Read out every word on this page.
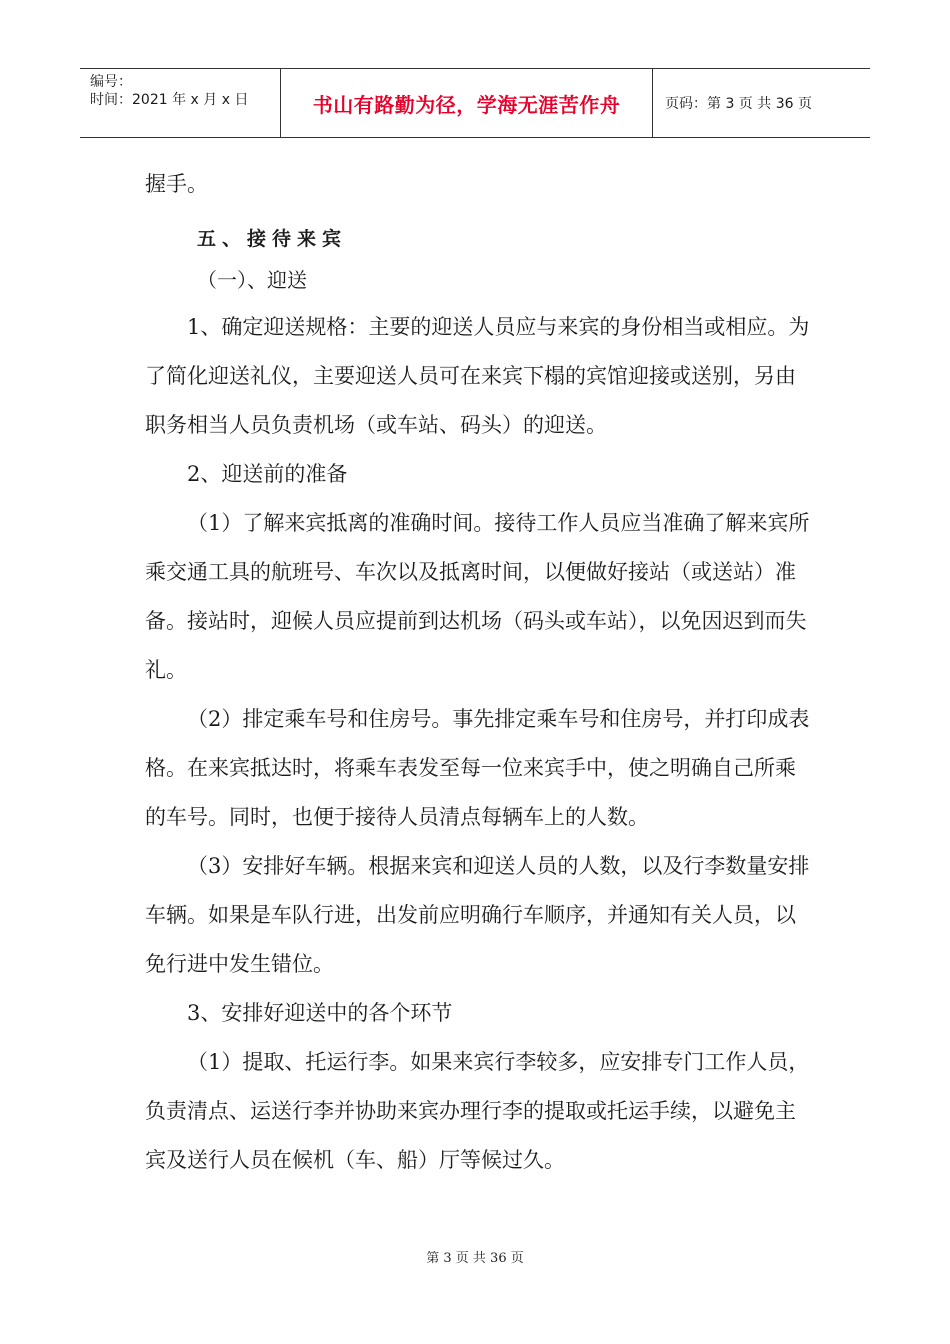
编号：
时间：2021 年 x 月 x 日	书山有路勤为径，学海无涯苦作舟	页码：第 3 页 共 36 页

握手。

五、接待来宾
（一）、迎送

1、确定迎送规格：主要的迎送人员应与来宾的身份相当或相应。为了简化迎送礼仪，主要迎送人员可在来宾下榻的宾馆迎接或送别，另由职务相当人员负责机场（或车站、码头）的迎送。

2、迎送前的准备

（1）了解来宾抵离的准确时间。接待工作人员应当准确了解来宾所乘交通工具的航班号、车次以及抵离时间，以便做好接站（或送站）准备。接站时，迎候人员应提前到达机场（码头或车站），以免因迟到而失礼。

（2）排定乘车号和住房号。事先排定乘车号和住房号，并打印成表格。在来宾抵达时，将乘车表发至每一位来宾手中，使之明确自己所乘的车号。同时，也便于接待人员清点每辆车上的人数。

（3）安排好车辆。根据来宾和迎送人员的人数，以及行李数量安排车辆。如果是车队行进，出发前应明确行车顺序，并通知有关人员，以免行进中发生错位。

3、安排好迎送中的各个环节

（1）提取、托运行李。如果来宾行李较多，应安排专门工作人员，负责清点、运送行李并协助来宾办理行李的提取或托运手续，以避免主宾及送行人员在候机（车、船）厅等候过久。

第 3 页 共 36 页
